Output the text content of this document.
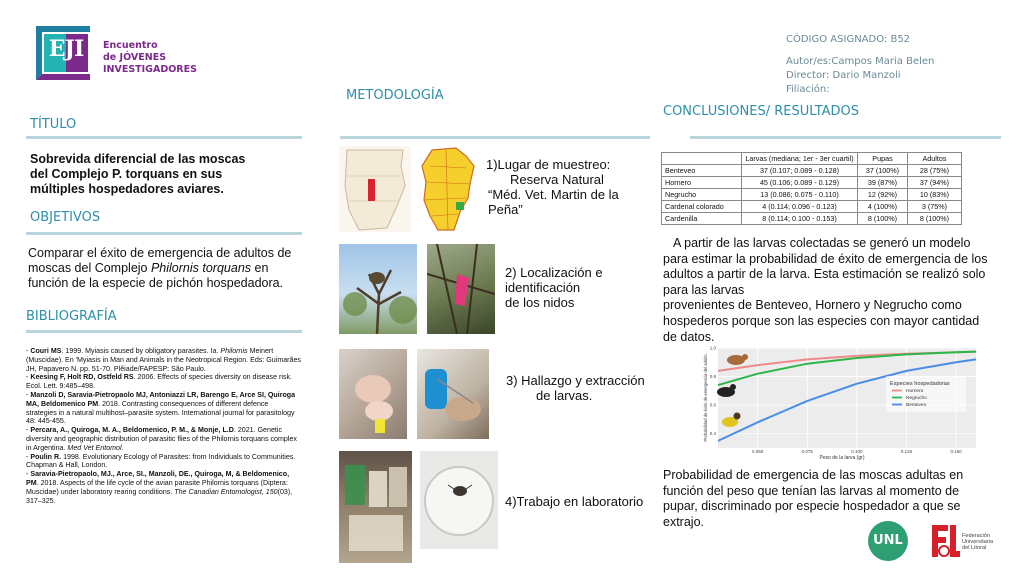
EJI Encuentro
de JÓVENES
INVESTIGADORES
CÓDIGO ASIGNADO: B52
Autor/es:Campos Maria Belen
Director: Dario Manzoli
Filiación:
TÍTULO
Sobrevida diferencial de las moscas del Complejo P. torquans en sus múltiples hospedadores aviares.
OBJETIVOS
Comparar el éxito de emergencia de adultos de moscas del Complejo Philornis torquans en función de la especie de pichón hospedadora.
BIBLIOGRAFÍA

- Couri MS. 1999. Myiasis caused by obligatory parasites. Ia. Philornis Meinert (Muscidae). En 'Myiasis in Man and Animals in the Neotropical Region. Eds: Guimarães JH, Papavero N. pp. 51-70. Plêiade/FAPESP: São Paulo.

- Keesing F, Holt RD, Ostfeld RS. 2006. Effects of species diversity on disease risk. Ecol. Lett. 9:485–498.

- Manzoli D, Saravia-Pietropaolo MJ, Antoniazzi LR, Barengo E, Arce SI, Quiroga MA, Beldomenico PM. 2018. Contrasting consequences of different defence strategies in a natural multihost–parasite system. International journal for parasitology 48: 445-455.

- Percara, A., Quiroga, M. A., Beldomenico, P. M., & Monje, L.D. 2021. Genetic diversity and geographic distribution of parasitic flies of the Philornis torquans complex in Argentina. Med Vet Entomol.

- Poulin R. 1998. Evolutionary Ecology of Parasites: from Individuals to Communities. Chapman & Hall, London.

- Saravia-Pietropaolo, MJ., Arce, SI., Manzoli, DE., Quiroga, M, & Beldomenico, PM. 2018. Aspects of the life cycle of the avian parasite Philornis torquans (Diptera: Muscidae) under laboratory rearing conditions. The Canadian Entomologist, 150(03), 317–325.

METODOLOGÍA
1)Lugar de muestreo:
Reserva Natural
“Méd. Vet. Martin de la Peña”
2) Localización e
identificación
de los nidos
3) Hallazgo y extracción
de larvas.
4)Trabajo en laboratorio
CONCLUSIONES/ RESULTADOS
	Larvas (mediana; 1er - 3er cuartil)	Pupas	Adultos
Benteveo	37 (0.107; 0.089 - 0.128)	37 (100%)	28 (75%)
Hornero	45 (0.106; 0.089 - 0.129)	39 (87%)	37 (94%)
Negrucho	13 (0.086; 0.075 - 0.110)	12 (92%)	10 (83%)
Cardenal colorado	4 (0.114; 0.096 - 0.123)	4 (100%)	3 (75%)
Cardenilla	8 (0.114; 0.100 - 0.153)	8 (100%)	8 (100%)
A partir de las larvas colectadas se generó un modelo
para estimar la probabilidad de éxito de emergencia de los
adultos a partir de la larva. Esta estimación se realizó solo
para las larvas
provenientes de Benteveo, Hornero y Negrucho como
hospederos porque son las especies con mayor cantidad
de datos.
0.4
0.6
0.8
1.0
0.050	0.075	0.100	0.125	0.150
Especies hospedadoras
Hornero
Negrucho
Benteveo
Peso de la larva (gr)
Probabilidad de éxito de emergencia del adulto
Probabilidad de emergencia de las moscas adultas en función del peso que tenían las larvas al momento de pupar, discriminado por especie hospedador a que se extrajo.
UNL	Federación
Universitaria
del Litoral
